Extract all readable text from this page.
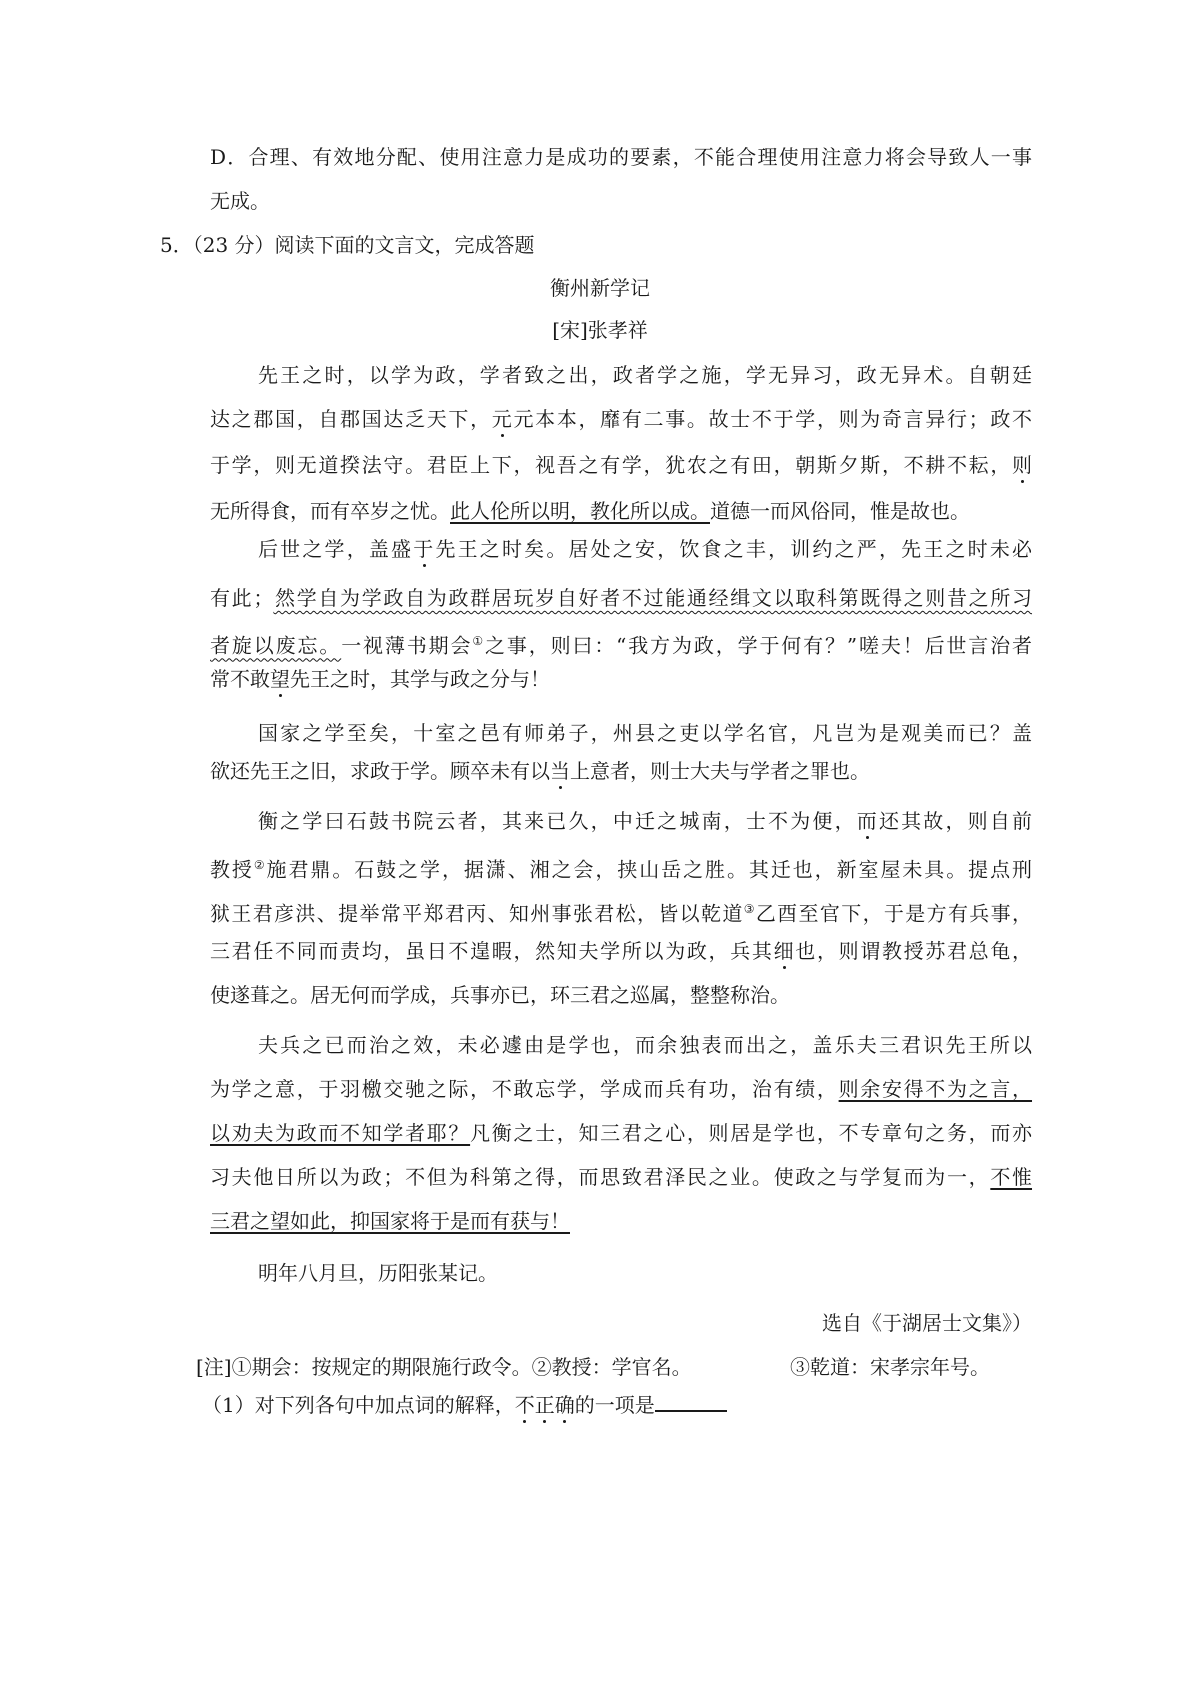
D．合理、有效地分配、使用注意力是成功的要素，不能合理使用注意力将会导致人一事
无成。
5．（23 分）阅读下面的文言文，完成答题
衡州新学记
[宋]张孝祥
先王之时，以学为政，学者致之出，政者学之施，学无异习，政无异术。自朝廷
达之郡国，自郡国达乏天下，元元本本，靡有二事。故士不于学，则为奇言异行；政不
于学，则无道揆法守。君臣上下，视吾之有学，犹农之有田，朝斯夕斯，不耕不耘，则
无所得食，而有卒岁之忧。此人伦所以明，教化所以成。道德一而风俗同，惟是故也。
后世之学，盖盛于先王之时矣。居处之安，饮食之丰，训约之严，先王之时未必
有此；然学自为学政自为政群居玩岁自好者不过能通经缉文以取科第既得之则昔之所习
者旋以废忘。一视薄书期会①之事，则曰：“我方为政，学于何有？”嗟夫！后世言治者
常不敢望先王之时，其学与政之分与！
国家之学至矣，十室之邑有师弟子，州县之吏以学名官，凡岂为是观美而已？盖
欲还先王之旧，求政于学。顾卒未有以当上意者，则士大夫与学者之罪也。
衡之学曰石鼓书院云者，其来已久，中迁之城南，士不为便，而还其故，则自前
教授②施君鼎。石鼓之学，据潇、湘之会，挟山岳之胜。其迁也，新室屋未具。提点刑
狱王君彦洪、提举常平郑君丙、知州事张君松，皆以乾道③乙酉至官下，于是方有兵事，
三君任不同而责均，虽日不遑暇，然知夫学所以为政，兵其细也，则谓教授苏君总龟，
使遂葺之。居无何而学成，兵事亦已，环三君之巡属，整整称治。
夫兵之已而治之效，未必遽由是学也，而余独表而出之，盖乐夫三君识先王所以
为学之意，于羽檄交驰之际，不敢忘学，学成而兵有功，治有绩，则余安得不为之言，
以劝夫为政而不知学者耶？凡衡之士，知三君之心，则居是学也，不专章句之务，而亦
习夫他日所以为政；不但为科第之得，而思致君泽民之业。使政之与学复而为一，不惟
三君之望如此，抑国家将于是而有获与！
明年八月旦，历阳张某记。
选自《于湖居士文集》）
[注]①期会：按规定的期限施行政令。②教授：学官名。	③乾道：宋孝宗年号。
（1）对下列各句中加点词的解释，不正确的一项是
